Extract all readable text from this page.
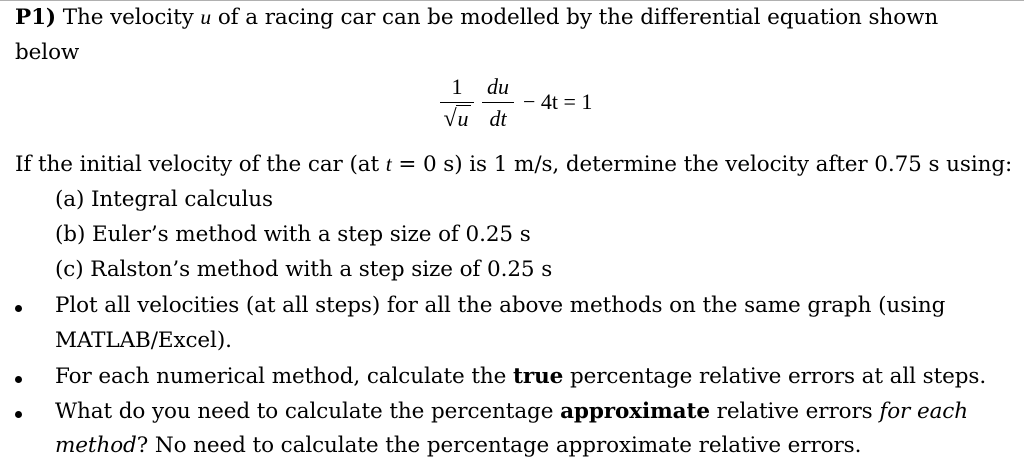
P1) The velocity u of a racing car can be modelled by the differential equation shown
below
1
√ u
du
dt
− 4t = 1
If the initial velocity of the car (at t = 0 s) is 1 m/s, determine the velocity after 0.75 s using:
(a) Integral calculus
(b) Euler’s method with a step size of 0.25 s
(c) Ralston’s method with a step size of 0.25 s
Plot all velocities (at all steps) for all the above methods on the same graph (using
MATLAB/Excel).
For each numerical method, calculate the true percentage relative errors at all steps.
What do you need to calculate the percentage approximate relative errors for each
method? No need to calculate the percentage approximate relative errors.
